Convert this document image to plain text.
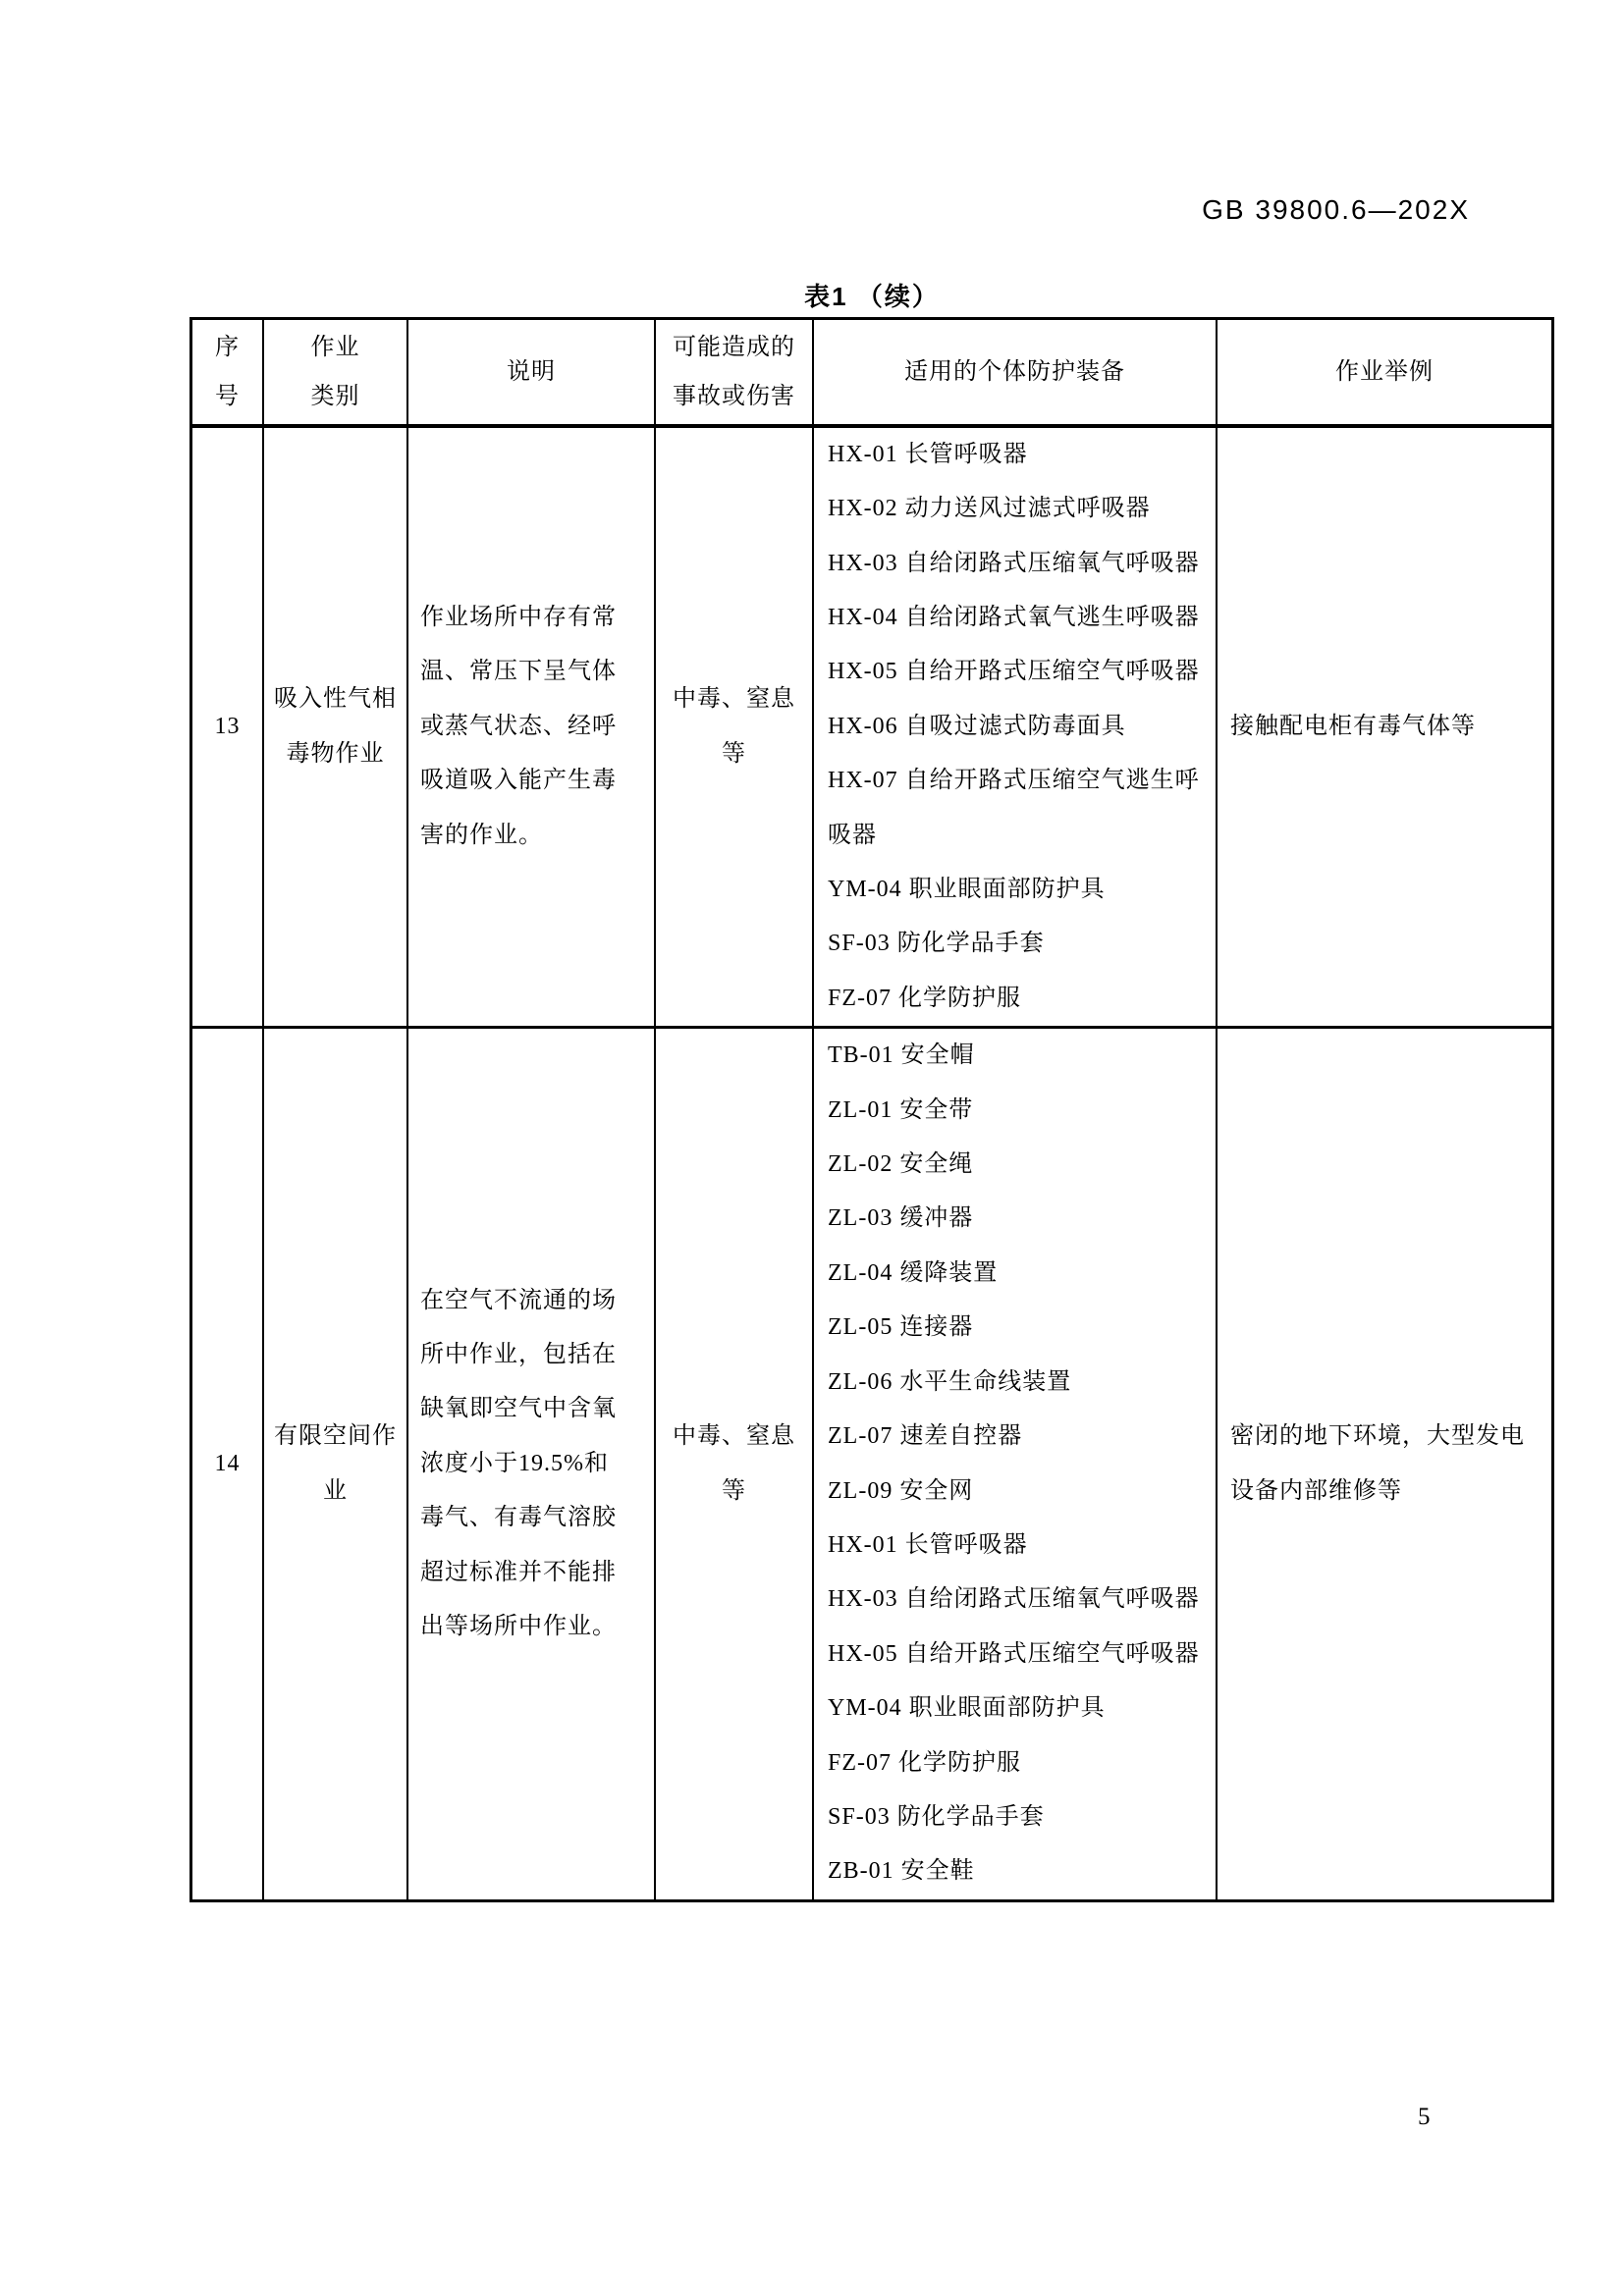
GB 39800.6—202X
表1 （续）
序
号
作业
类别
说明
可能造成的
事故或伤害
适用的个体防护装备	作业举例
13
吸入性气相毒物作业
作业场所中存有常温、常压下呈气体或蒸气状态、经呼吸道吸入能产生毒害的作业。
中毒、窒息等
HX-01 长管呼吸器
HX-02 动力送风过滤式呼吸器
HX-03 自给闭路式压缩氧气呼吸器
HX-04 自给闭路式氧气逃生呼吸器
HX-05 自给开路式压缩空气呼吸器
HX-06 自吸过滤式防毒面具
HX-07 自给开路式压缩空气逃生呼吸器
YM-04 职业眼面部防护具
SF-03 防化学品手套
FZ-07 化学防护服
接触配电柜有毒气体等
14
有限空间作业
在空气不流通的场所中作业，包括在缺氧即空气中含氧浓度小于19.5%和毒气、有毒气溶胶超过标准并不能排出等场所中作业。
中毒、窒息等
TB-01 安全帽
ZL-01 安全带
ZL-02 安全绳
ZL-03 缓冲器
ZL-04 缓降装置
ZL-05 连接器
ZL-06 水平生命线装置
ZL-07 速差自控器
ZL-09 安全网
HX-01 长管呼吸器
HX-03 自给闭路式压缩氧气呼吸器
HX-05 自给开路式压缩空气呼吸器
YM-04 职业眼面部防护具
FZ-07 化学防护服
SF-03 防化学品手套
ZB-01 安全鞋
密闭的地下环境，大型发电设备内部维修等
5
